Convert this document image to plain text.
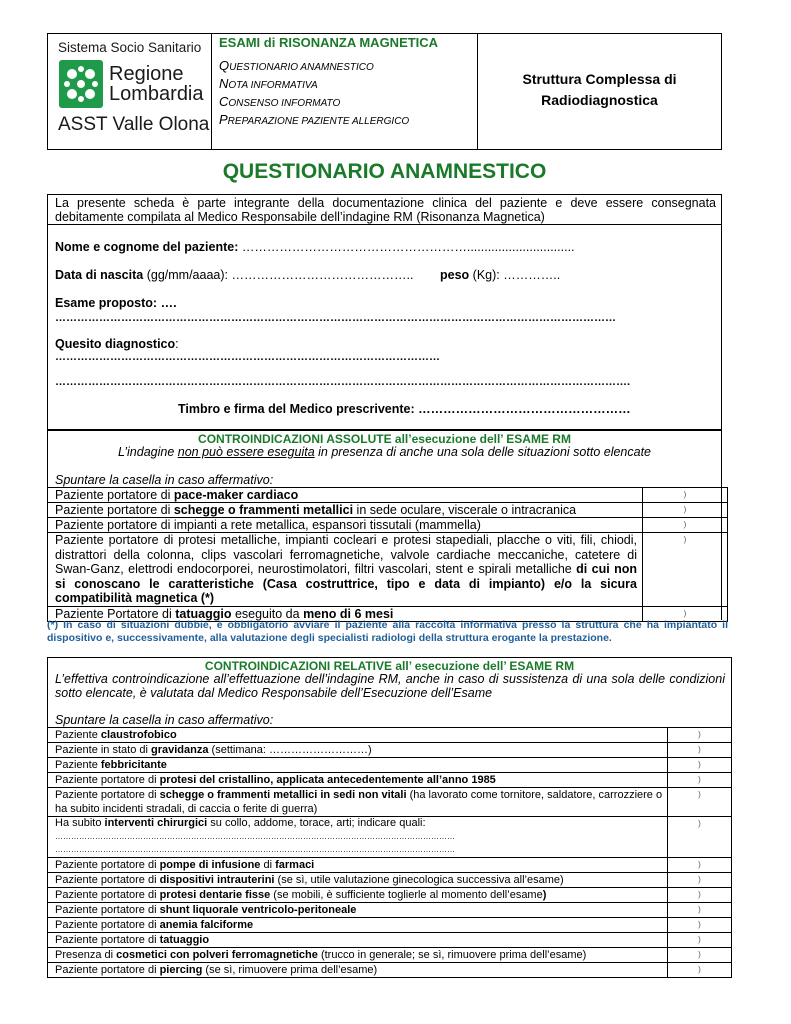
Sistema Socio Sanitario
Regione
Lombardia
ASST Valle Olona
ESAMI di RISONANZA MAGNETICA
QUESTIONARIO ANAMNESTICO
NOTA INFORMATIVA
CONSENSO INFORMATO
PREPARAZIONE PAZIENTE ALLERGICO
Struttura Complessa di Radiodiagnostica
QUESTIONARIO ANAMNESTICO
La presente scheda è parte integrante della documentazione clinica del paziente e deve essere consegnata debitamente compilata al Medico Responsabile dell’indagine RM (Risonanza Magnetica)
Nome e cognome del paziente: ………………………………………………...............................
Data di nascita (gg/mm/aaaa): …………………………………….. peso (Kg): …………..
Esame proposto: ….
………………………………………………………………………………………………………………………………………
Quesito diagnostico:
……………………………………………………………………………………………
………………………………………………………………………………………………………………………………………….
Timbro e firma del Medico prescrivente: ……………………………………………
CONTROINDICAZIONI ASSOLUTE all’esecuzione dell’ ESAME RM
L’indagine non può essere eseguita in presenza di anche una sola delle situazioni sotto elencate
Spuntare la casella in caso affermativo:
Paziente portatore di pace-maker cardiaco	)
Paziente portatore di schegge o frammenti metallici in sede oculare, viscerale o intracranica	)
Paziente portatore di impianti a rete metallica, espansori tissutali (mammella)	)
Paziente portatore di protesi metalliche, impianti cocleari e protesi stapediali, placche o viti, fili, chiodi, distrattori della colonna, clips vascolari ferromagnetiche, valvole cardiache meccaniche, catetere di Swan-Ganz, elettrodi endocorporei, neurostimolatori, filtri vascolari, stent e spirali metalliche di cui non si conoscano le caratteristiche (Casa costruttrice, tipo e data di impianto) e/o la sicura compatibilità magnetica (*)	)
Paziente Portatore di tatuaggio eseguito da meno di 6 mesi	)
(*) In caso di situazioni dubbie, è obbligatorio avviare il paziente alla raccolta informativa presso la struttura che ha impiantato il dispositivo e, successivamente, alla valutazione degli specialisti radiologi della struttura erogante la prestazione.
CONTROINDICAZIONI RELATIVE all’ esecuzione dell’ ESAME RM
L’effettiva controindicazione all’effettuazione dell’indagine RM, anche in caso di sussistenza di una sola delle condizioni sotto elencate, è valutata dal Medico Responsabile dell’Esecuzione dell’Esame
Spuntare la casella in caso affermativo:
Paziente claustrofobico	)
Paziente in stato di gravidanza (settimana: ………………………)	)
Paziente febbricitante	)
Paziente portatore di protesi del cristallino, applicata antecedentemente all’anno 1985	)
Paziente portatore di schegge o frammenti metallici in sedi non vitali (ha lavorato come tornitore, saldatore, carrozziere o ha subito incidenti stradali, di caccia o ferite di guerra)	)
Ha subito interventi chirurgici su collo, addome, torace, arti; indicare quali:
……………………………………………………………………………………………………………………………………
……………………………………………………………………………………………………………………………………	)
Paziente portatore di pompe di infusione di farmaci	)
Paziente portatore di dispositivi intrauterini (se sì, utile valutazione ginecologica successiva all’esame)	)
Paziente portatore di protesi dentarie fisse (se mobili, è sufficiente toglierle al momento dell’esame)	)
Paziente portatore di shunt liquorale ventricolo-peritoneale	)
Paziente portatore di anemia falciforme	)
Paziente portatore di tatuaggio	)
Presenza di cosmetici con polveri ferromagnetiche (trucco in generale; se sì, rimuovere prima dell’esame)	)
Paziente portatore di piercing (se sì, rimuovere prima dell’esame)	)
